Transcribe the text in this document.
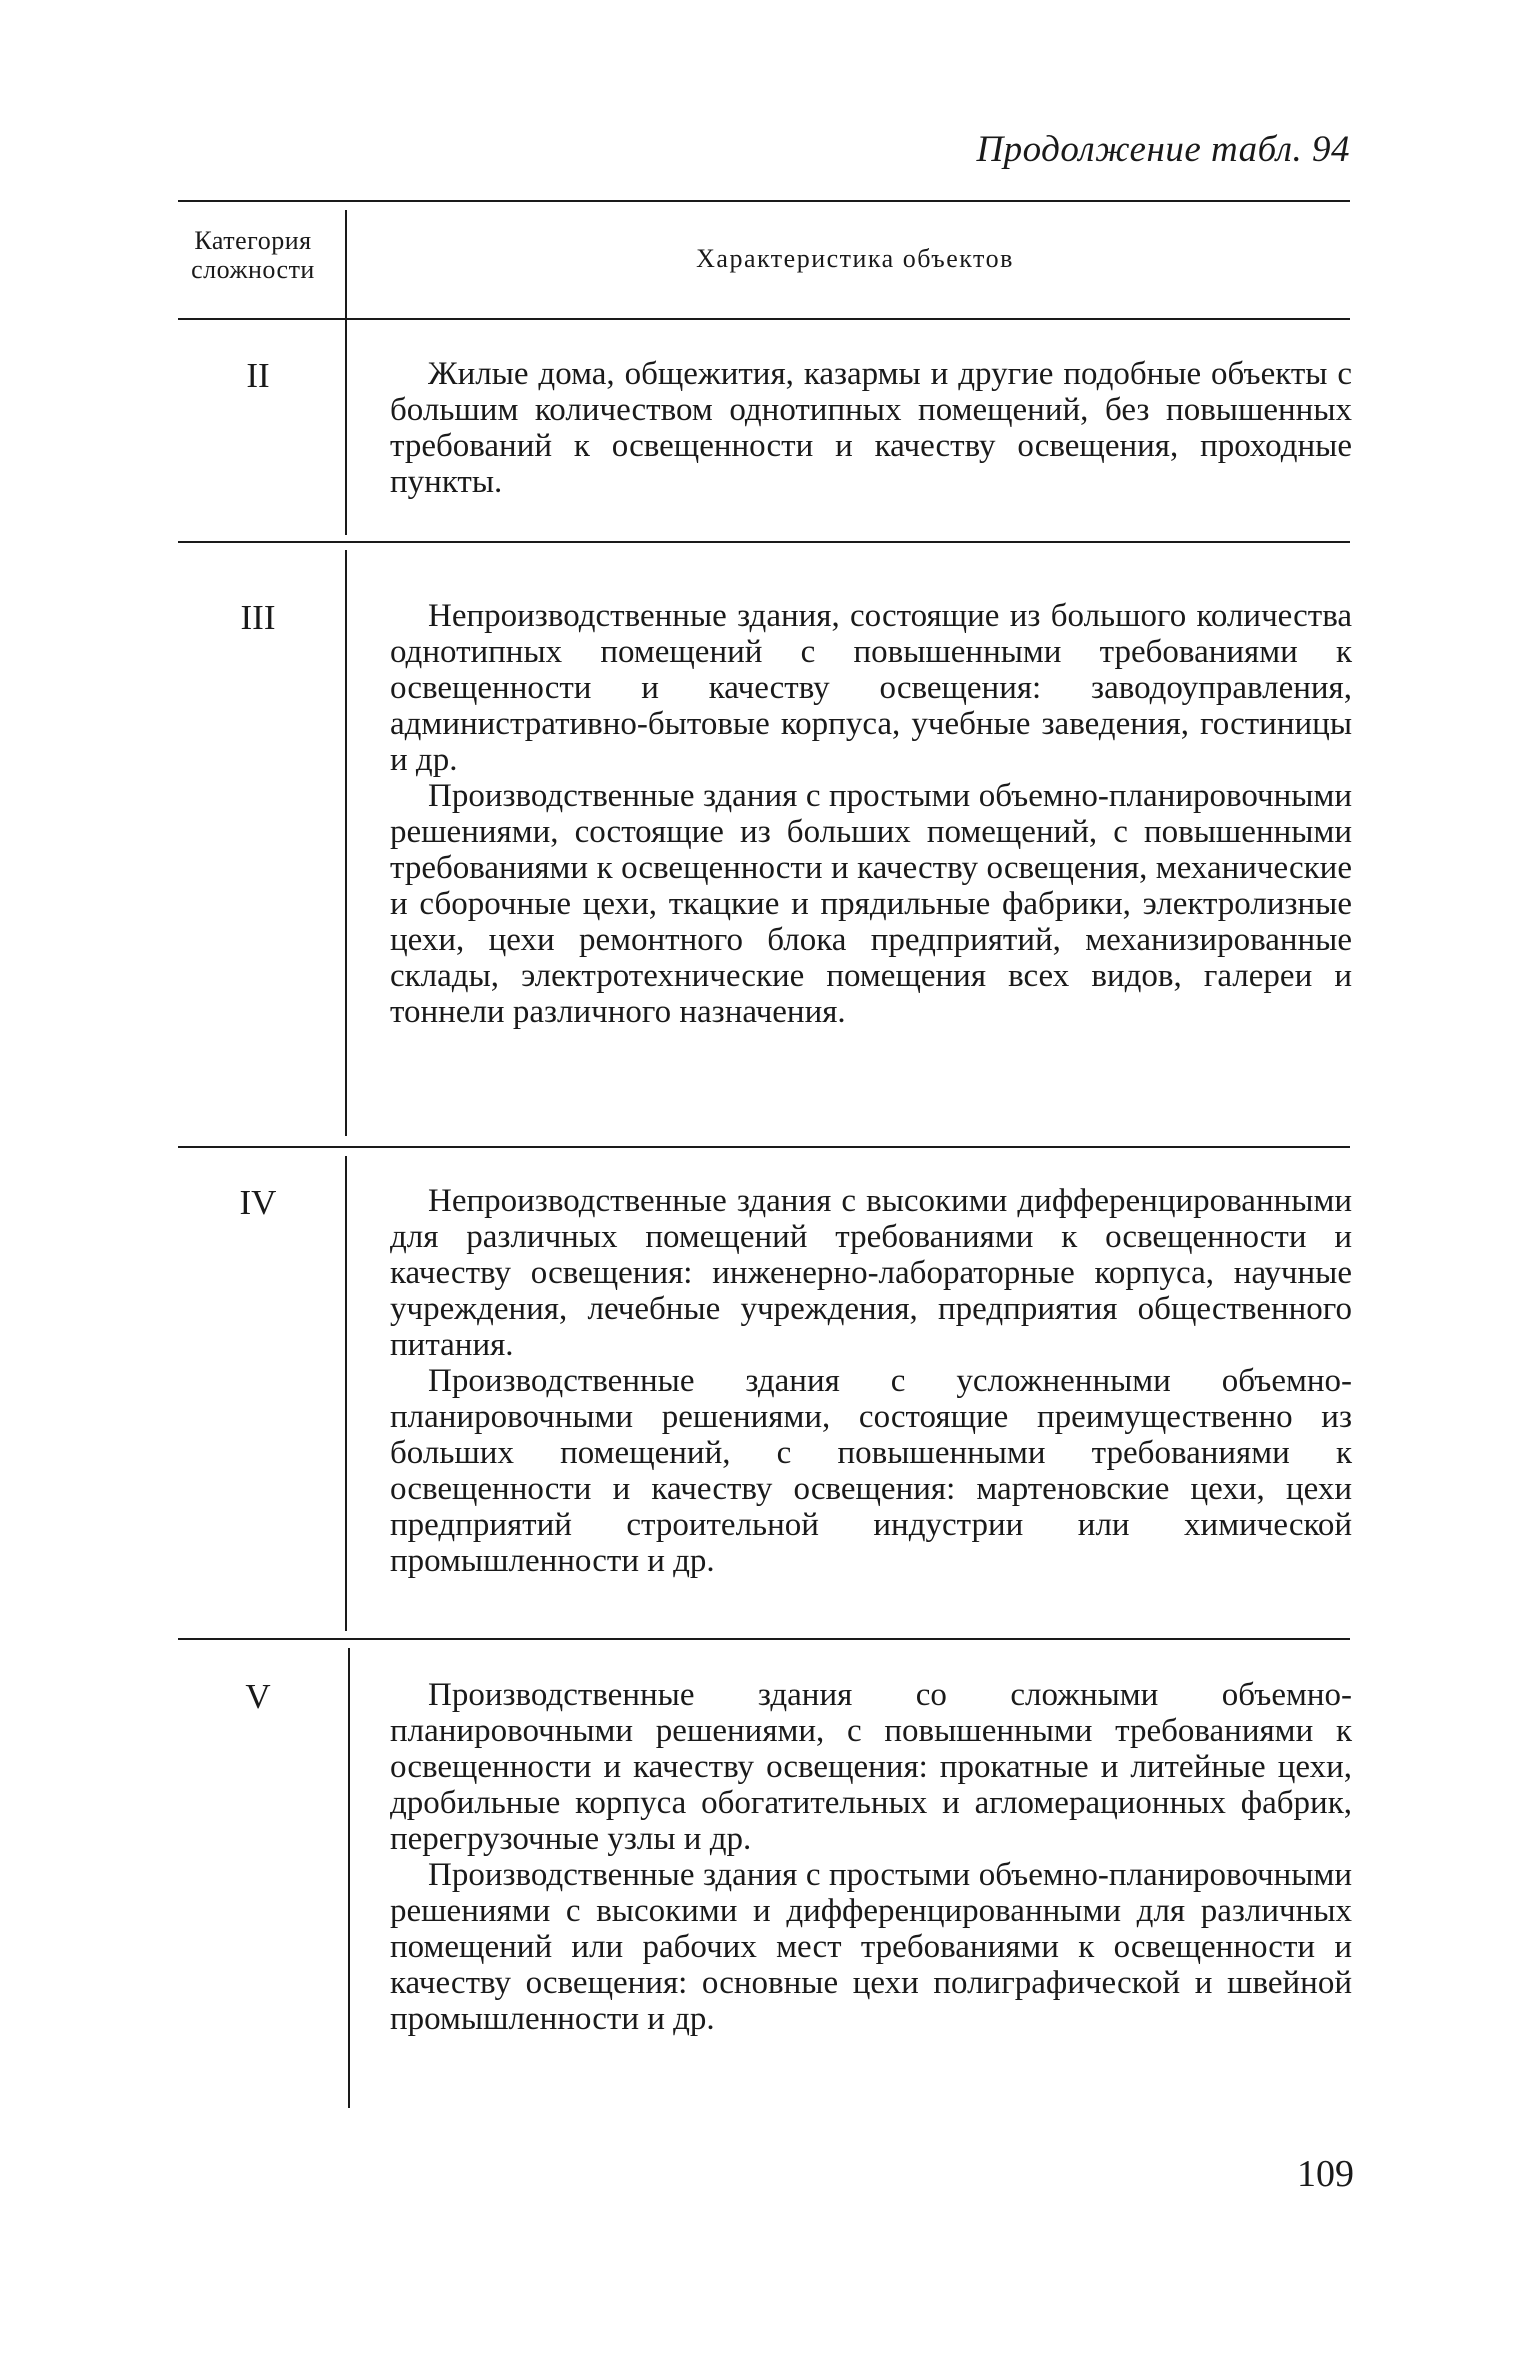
Продолжение табл. 94
Категория сложности	Характеристика объектов
II	Жилые дома, общежития, казармы и другие подобные объекты с большим количеством однотипных помещений, без повышенных требований к освещенности и качеству освещения, проходные пункты.

III	Непроизводственные здания, состоящие из большого количества однотипных помещений с повышенными требованиями к освещенности и качеству освещения: заводоуправления, административно-бытовые корпуса, учебные заведения, гостиницы и др.

Производственные здания с простыми объемно-планировочными решениями, состоящие из больших помещений, с повышенными требованиями к освещенности и качеству освещения, механические и сборочные цехи, ткацкие и прядильные фабрики, электролизные цехи, цехи ремонтного блока предприятий, механизированные склады, электротехнические помещения всех видов, галереи и тоннели различного назначения.

IV	Непроизводственные здания с высокими дифференцированными для различных помещений требованиями к освещенности и качеству освещения: инженерно-лабораторные корпуса, научные учреждения, лечебные учреждения, предприятия общественного питания.

Производственные здания с усложненными объемно-планировочными решениями, состоящие преимущественно из больших помещений, с повышенными требованиями к освещенности и качеству освещения: мартеновские цехи, цехи предприятий строительной индустрии или химической промышленности и др.

V	Производственные здания со сложными объемно-планировочными решениями, с повышенными требованиями к освещенности и качеству освещения: прокатные и литейные цехи, дробильные корпуса обогатительных и агломерационных фабрик, перегрузочные узлы и др.

Производственные здания с простыми объемно-планировочными решениями с высокими и дифференцированными для различных помещений или рабочих мест требованиями к освещенности и качеству освещения: основные цехи полиграфической и швейной промышленности и др.

109
